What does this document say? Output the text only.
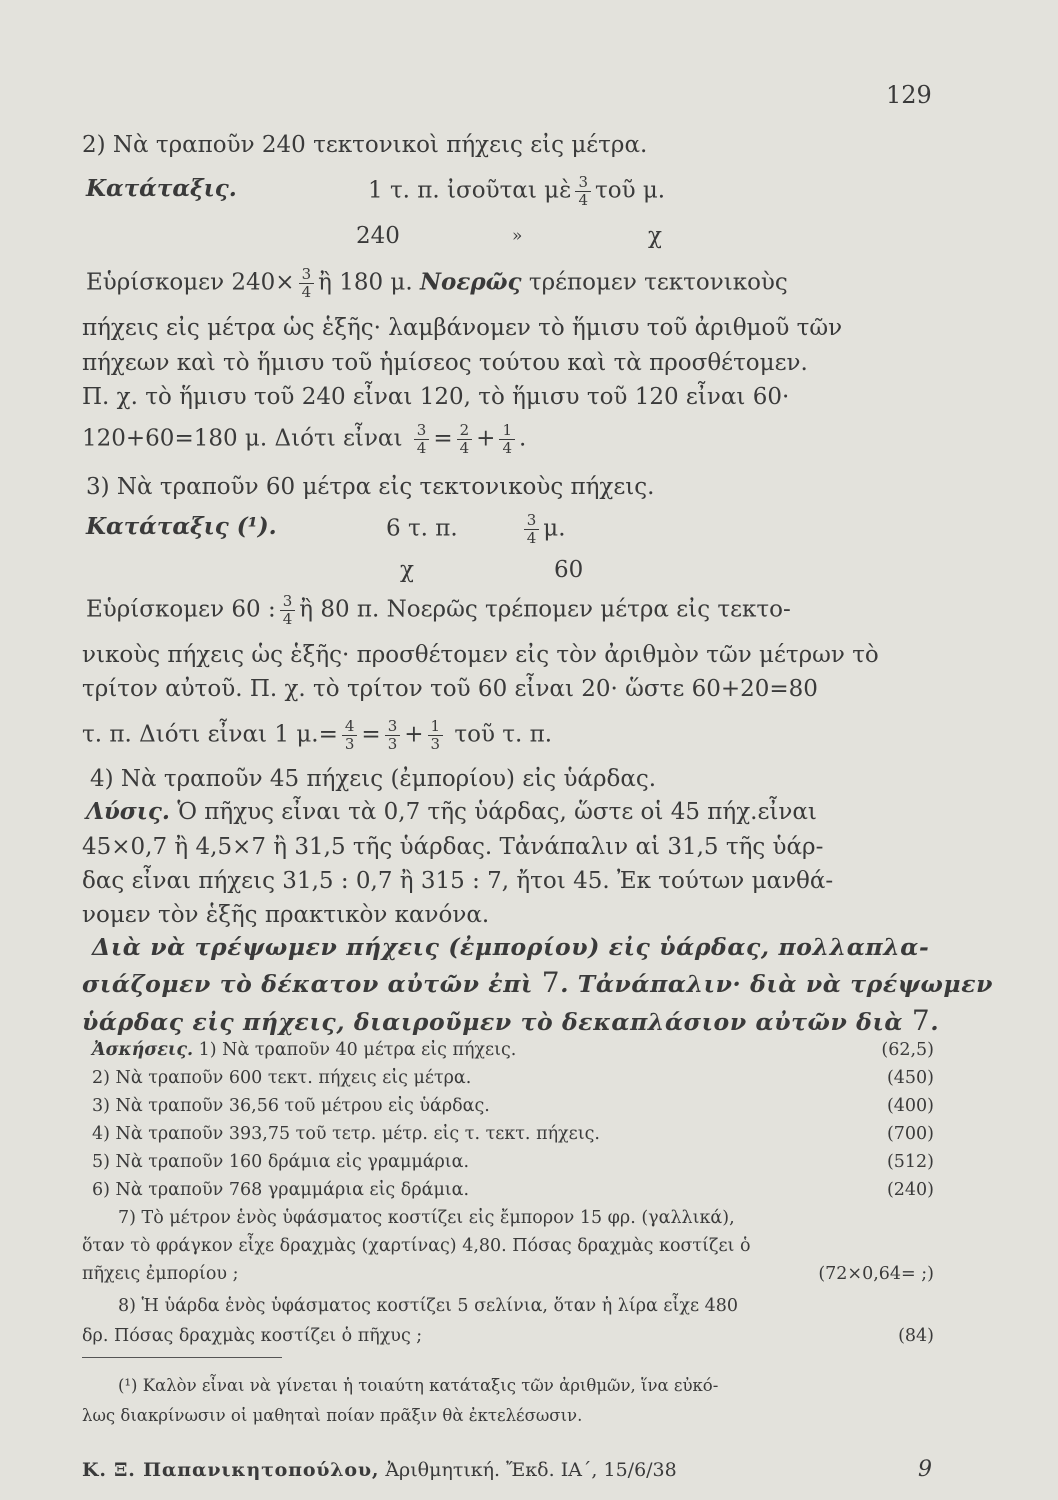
129
2) Νὰ τραποῦν 240 τεκτονικοὶ πήχεις εἰς μέτρα.
Κατάταξις.	1 τ. π. ἰσοῦται μὲ $\frac{3}{4}$ τοῦ μ.
240	»	χ
Εὑρίσκομεν $240\times \frac{3}{4}$ ἢ 180 μ. Νοερῶς τρέπομεν τεκτονικοὺς
πήχεις εἰς μέτρα ὡς ἑξῆς· λαμβάνομεν τὸ ἥμισυ τοῦ ἀριθμοῦ τῶν
πήχεων καὶ τὸ ἥμισυ τοῦ ἡμίσεος τούτου καὶ τὰ προσθέτομεν.
Π. χ. τὸ ἥμισυ τοῦ 240 εἶναι 120, τὸ ἥμισυ τοῦ 120 εἶναι 60·
120+60=180 μ. Διότι εἶναι $\frac{3}{4} = \frac{2}{4} + \frac{1}{4}$ .
3) Νὰ τραποῦν 60 μέτρα εἰς τεκτονικοὺς πήχεις.
Κατάταξις (¹).	6 τ. π.	$\frac{3}{4} \mu$.
χ	60
Εὑρίσκομεν 60 : $\frac{3}{4}$ ἢ 80 π. Νοερῶς τρέπομεν μέτρα εἰς τεκτο-
νικοὺς πήχεις ὡς ἑξῆς· προσθέτομεν εἰς τὸν ἀριθμὸν τῶν μέτρων τὸ
τρίτον αὐτοῦ. Π. χ. τὸ τρίτον τοῦ 60 εἶναι 20· ὥστε 60+20=80
τ. π. Διότι εἶναι 1 $\mu.= \frac{4}{3} = \frac{3}{3} + \frac{1}{3}$ τοῦ τ. π.
4) Νὰ τραποῦν 45 πήχεις (ἐμπορίου) εἰς ὑάρδας.
Λύσις. Ὁ πῆχυς εἶναι τὰ 0,7 τῆς ὑάρδας, ὥστε οἱ 45 πήχ.εἶναι
45×0,7 ἢ 4,5×7 ἢ 31,5 τῆς ὑάρδας. Τἀνάπαλιν αἱ 31,5 τῆς ὑάρ-
δας εἶναι πήχεις 31,5 : 0,7 ἢ 315 : 7, ἤτοι 45. Ἐκ τούτων μανθά-
νομεν τὸν ἑξῆς πρακτικὸν κανόνα.
Διὰ νὰ τρέψωμεν πήχεις (ἐμπορίου) εἰς ὑάρδας, πολλαπλα-
σιάζομεν τὸ δέκατον αὐτῶν ἐπὶ 7. Τἀνάπαλιν· διὰ νὰ τρέψωμεν
ὑάρδας εἰς πήχεις, διαιροῦμεν τὸ δεκαπλάσιον αὐτῶν διὰ 7.
Ἀσκήσεις. 1) Νὰ τραποῦν 40 μέτρα εἰς πήχεις.	(62,5)
2) Νὰ τραποῦν 600 τεκτ. πήχεις εἰς μέτρα.	(450)
3) Νὰ τραποῦν 36,56 τοῦ μέτρου εἰς ὑάρδας.	(400)
4) Νὰ τραποῦν 393,75 τοῦ τετρ. μέτρ. εἰς τ. τεκτ. πήχεις.	(700)
5) Νὰ τραποῦν 160 δράμια εἰς γραμμάρια.	(512)
6) Νὰ τραποῦν 768 γραμμάρια εἰς δράμια.	(240)
7) Τὸ μέτρον ἑνὸς ὑφάσματος κοστίζει εἰς ἔμπορον 15 φρ. (γαλλικά),
ὅταν τὸ φράγκον εἶχε δραχμὰς (χαρτίνας) 4,80. Πόσας δραχμὰς κοστίζει ὁ
πῆχεις ἐμπορίου ;	(72×0,64= ;)
8) Ἡ ὑάρδα ἑνὸς ὑφάσματος κοστίζει 5 σελίνια, ὅταν ἡ λίρα εἶχε 480
δρ. Πόσας δραχμὰς κοστίζει ὁ πῆχυς ;	(84)
(¹) Καλὸν εἶναι νὰ γίνεται ἡ τοιαύτη κατάταξις τῶν ἀριθμῶν, ἵνα εὐκό-
λως διακρίνωσιν οἱ μαθηταὶ ποίαν πρᾶξιν θὰ ἐκτελέσωσιν.
Κ. Ξ. Παπανικητοπούλου, Ἀριθμητική. Ἔκδ. ΙΑ΄, 15/6/38	9
